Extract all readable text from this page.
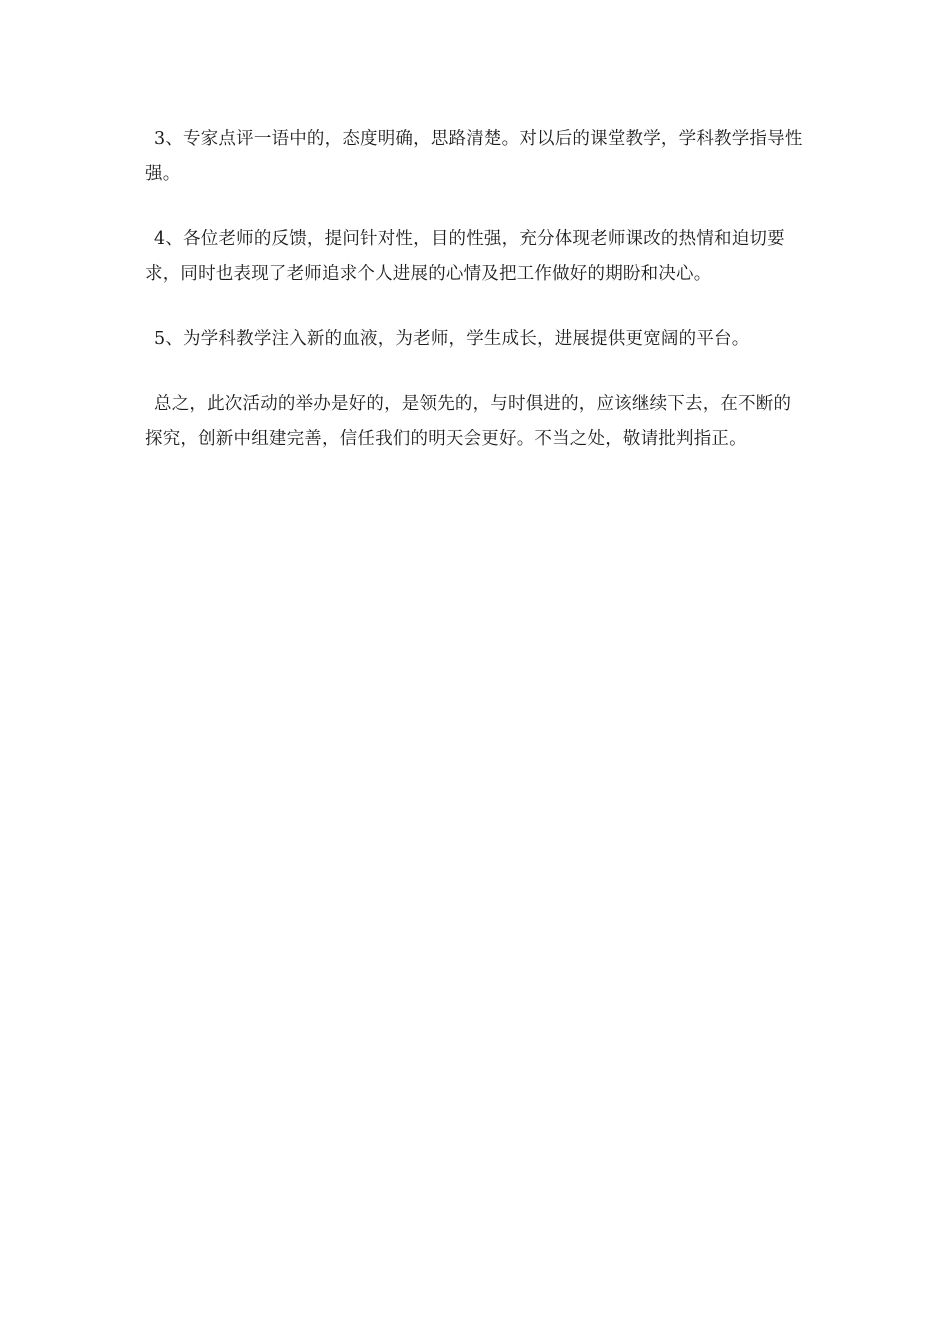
3、专家点评一语中的，态度明确，思路清楚。对以后的课堂教学，学科教学指导性强。

4、各位老师的反馈，提问针对性，目的性强，充分体现老师课改的热情和迫切要求，同时也表现了老师追求个人进展的心情及把工作做好的期盼和决心。

5、为学科教学注入新的血液，为老师，学生成长，进展提供更宽阔的平台。

总之，此次活动的举办是好的，是领先的，与时俱进的，应该继续下去，在不断的探究，创新中组建完善，信任我们的明天会更好。不当之处，敬请批判指正。
